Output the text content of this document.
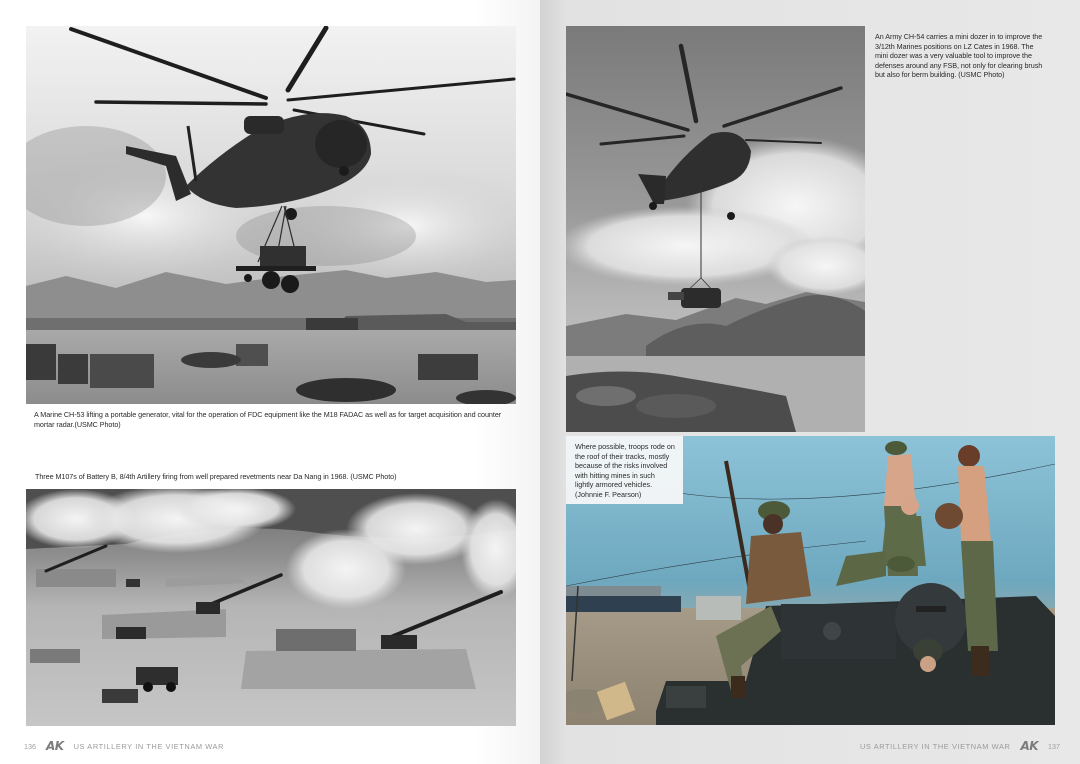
A Marine CH-53 lifting a portable generator, vital for the operation of FDC equipment like the M18 FADAC as well as for target acquisition and counter mortar radar.(USMC Photo)
Three M107s of Battery B, 8/4th Artillery firing from well prepared revetments near Da Nang in 1968. (USMC Photo)
136 AK US ARTILLERY IN THE VIETNAM WAR
An Army CH-54 carries a mini dozer in to improve the 3/12th Marines positions on LZ Cates in 1968. The mini dozer was a very valuable tool to improve the defenses around any FSB, not only for clearing brush but also for berm building. (USMC Photo)
Where possible, troops rode on the roof of their tracks, mostly because of the risks involved with hitting mines in such lightly armored vehicles. (Johnnie F. Pearson)
US ARTILLERY IN THE VIETNAM WAR AK 137
